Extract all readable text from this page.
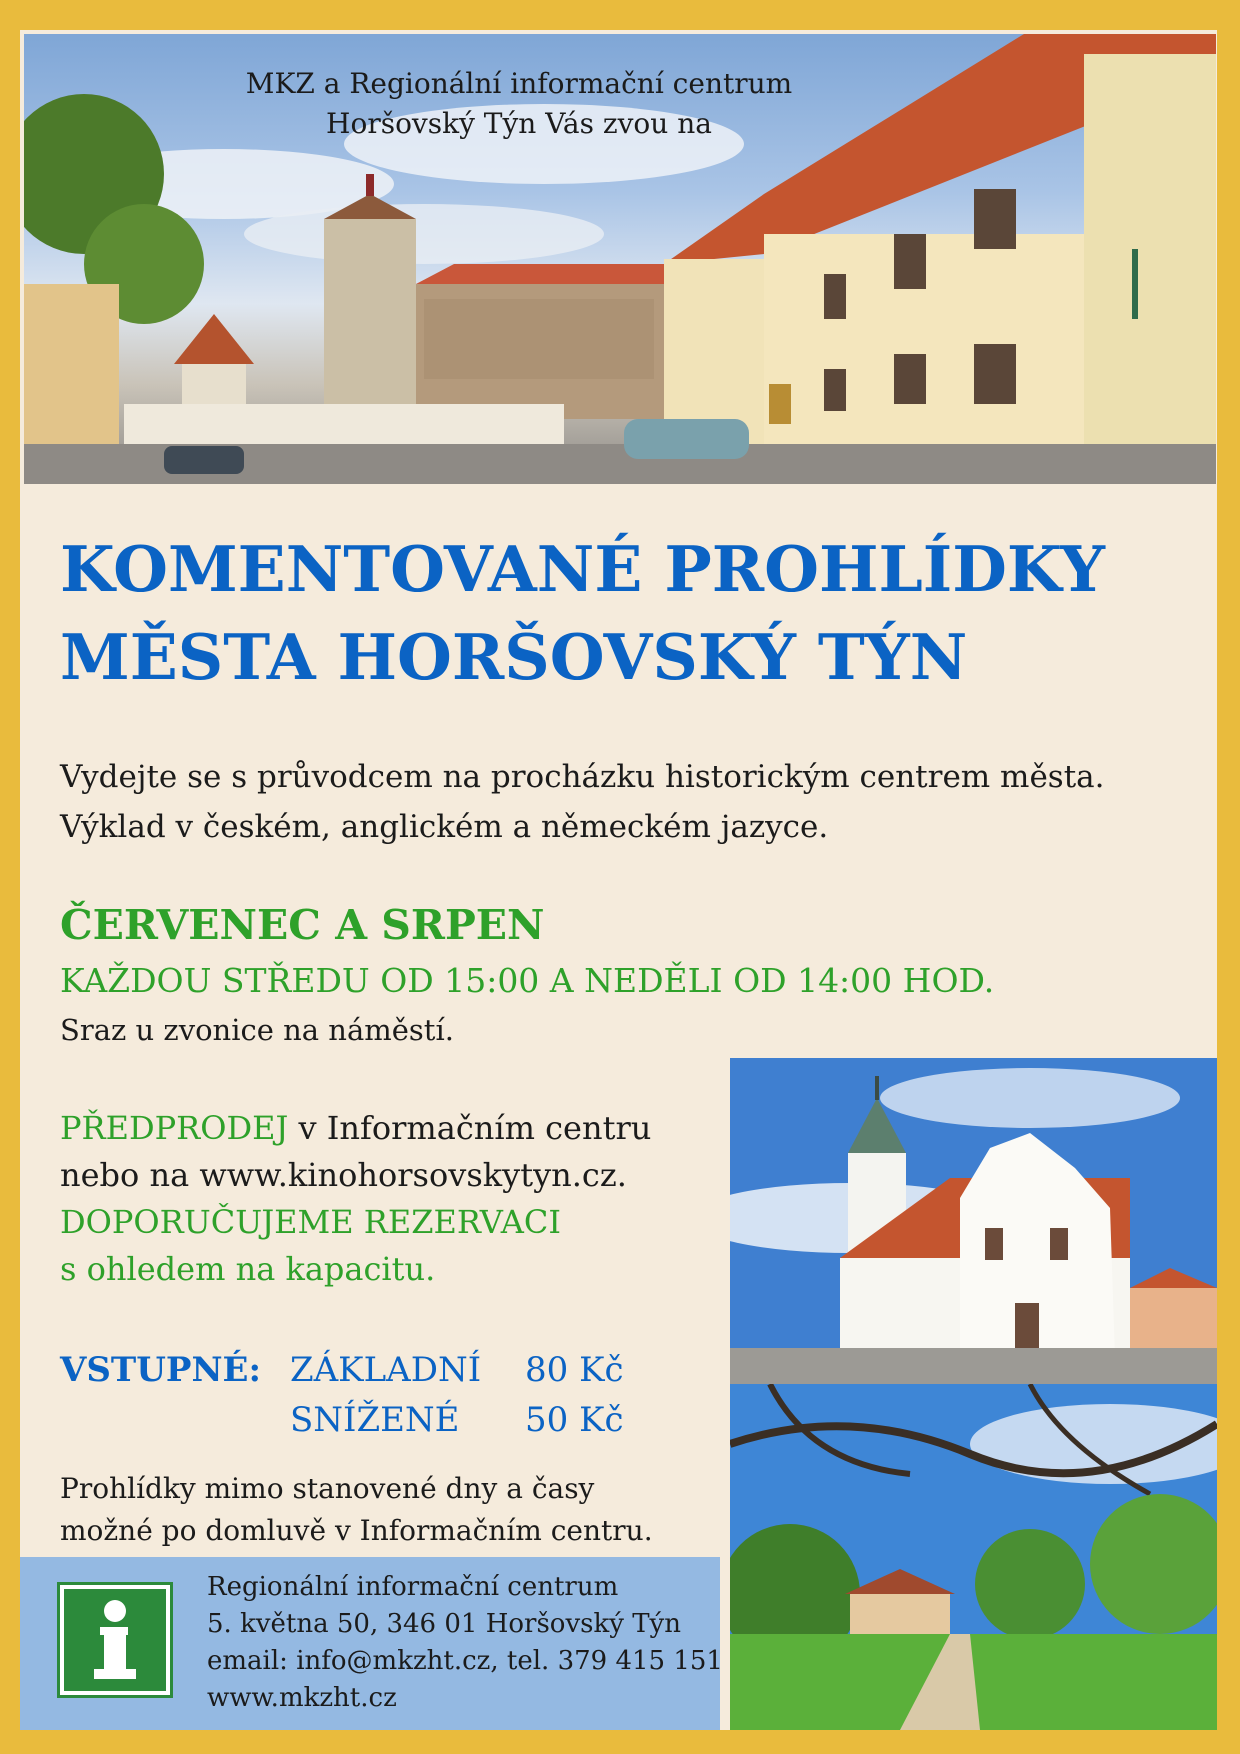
MKZ a Regionální informační centrum
Horšovský Týn Vás zvou na
KOMENTOVANÉ PROHLÍDKY
MĚSTA HORŠOVSKÝ TÝN
Vydejte se s průvodcem na procházku historickým centrem města.
Výklad v českém, anglickém a německém jazyce.
ČERVENEC A SRPEN
KAŽDOU STŘEDU OD 15:00 A NEDĚLI OD 14:00 HOD.
Sraz u zvonice na náměstí.
PŘEDPRODEJ v Informačním centru
nebo na www.kinohorsovskytyn.cz.
DOPORUČUJEME REZERVACI
s ohledem na kapacitu.
VSTUPNÉ: ZÁKLADNÍ 80 Kč
SNÍŽENÉ 50 Kč
Prohlídky mimo stanovené dny a časy
možné po domluvě v Informačním centru.
Regionální informační centrum
5. května 50, 346 01 Horšovský Týn
email: info@mkzht.cz, tel. 379 415 151
www.mkzht.cz
